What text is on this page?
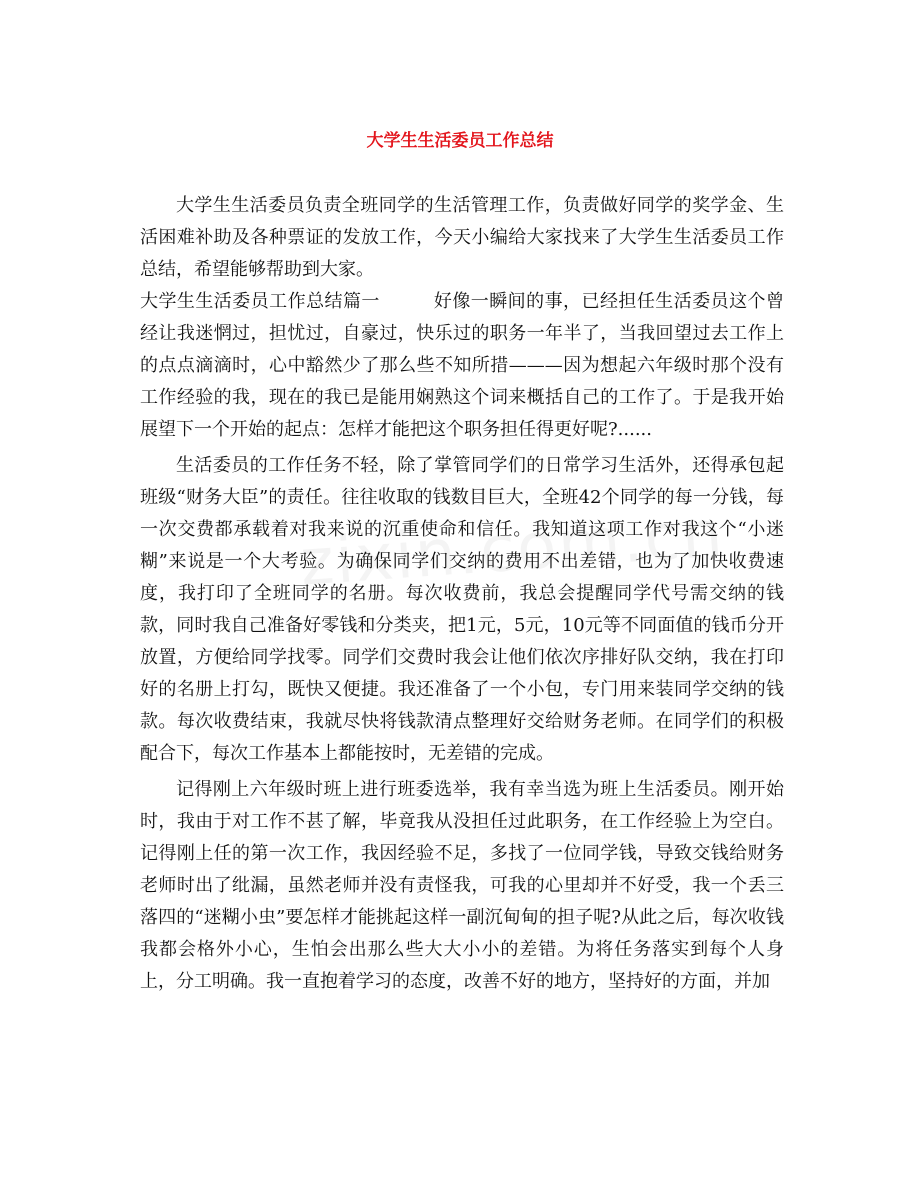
大学生生活委员工作总结

大学生生活委员负责全班同学的生活管理工作，负责做好同学的奖学金、生活困难补助及各种票证的发放工作，今天小编给大家找来了大学生生活委员工作总结，希望能够帮助到大家。

大学生生活委员工作总结篇一	好像一瞬间的事，已经担任生活委员这个曾经让我迷惘过，担忧过，自豪过，快乐过的职务一年半了，当我回望过去工作上的点点滴滴时，心中豁然少了那么些不知所措———因为想起六年级时那个没有工作经验的我，现在的我已是能用娴熟这个词来概括自己的工作了。于是我开始展望下一个开始的起点：怎样才能把这个职务担任得更好呢?......

生活委员的工作任务不轻，除了掌管同学们的日常学习生活外，还得承包起班级“财务大臣”的责任。往往收取的钱数目巨大，全班42个同学的每一分钱，每一次交费都承载着对我来说的沉重使命和信任。我知道这项工作对我这个“小迷糊”来说是一个大考验。为确保同学们交纳的费用不出差错，也为了加快收费速度，我打印了全班同学的名册。每次收费前，我总会提醒同学代号需交纳的钱款，同时我自己准备好零钱和分类夹，把1元，5元，10元等不同面值的钱币分开放置，方便给同学找零。同学们交费时我会让他们依次序排好队交纳，我在打印好的名册上打勾，既快又便捷。我还准备了一个小包，专门用来装同学交纳的钱款。每次收费结束，我就尽快将钱款清点整理好交给财务老师。在同学们的积极配合下，每次工作基本上都能按时，无差错的完成。

记得刚上六年级时班上进行班委选举，我有幸当选为班上生活委员。刚开始时，我由于对工作不甚了解，毕竟我从没担任过此职务，在工作经验上为空白。记得刚上任的第一次工作，我因经验不足，多找了一位同学钱，导致交钱给财务老师时出了纰漏，虽然老师并没有责怪我，可我的心里却并不好受，我一个丢三落四的“迷糊小虫”要怎样才能挑起这样一副沉甸甸的担子呢?从此之后，每次收钱我都会格外小心，生怕会出那么些大大小小的差错。为将任务落实到每个人身上，分工明确。我一直抱着学习的态度，改善不好的地方，坚持好的方面，并加
